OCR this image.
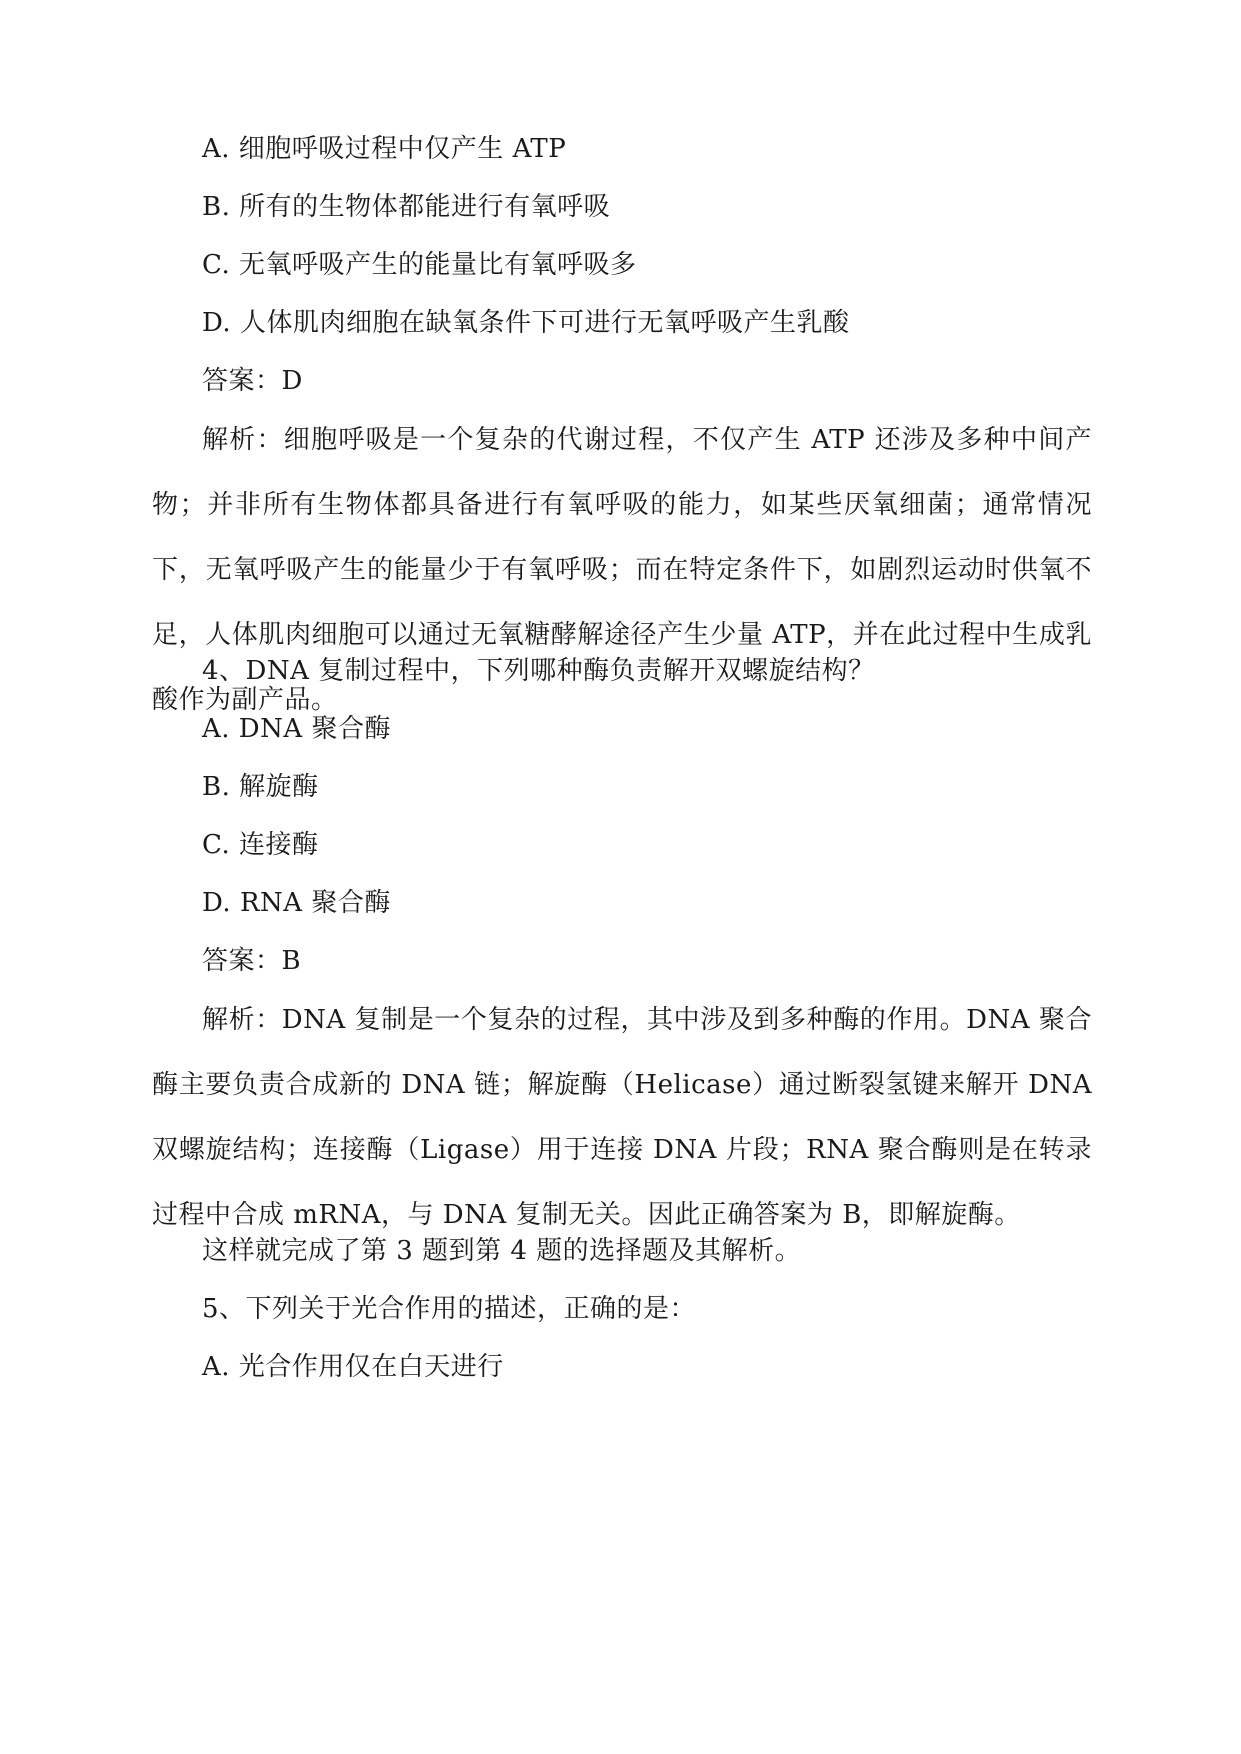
A. 细胞呼吸过程中仅产生 ATP
B. 所有的生物体都能进行有氧呼吸
C. 无氧呼吸产生的能量比有氧呼吸多
D. 人体肌肉细胞在缺氧条件下可进行无氧呼吸产生乳酸
答案：D
解析：细胞呼吸是一个复杂的代谢过程，不仅产生 ATP 还涉及多种中间产物；并非所有生物体都具备进行有氧呼吸的能力，如某些厌氧细菌；通常情况下，无氧呼吸产生的能量少于有氧呼吸；而在特定条件下，如剧烈运动时供氧不足，人体肌肉细胞可以通过无氧糖酵解途径产生少量 ATP，并在此过程中生成乳酸作为副产品。
4、DNA 复制过程中，下列哪种酶负责解开双螺旋结构？
A. DNA 聚合酶
B. 解旋酶
C. 连接酶
D. RNA 聚合酶
答案：B
解析：DNA 复制是一个复杂的过程，其中涉及到多种酶的作用。DNA 聚合酶主要负责合成新的 DNA 链；解旋酶（Helicase）通过断裂氢键来解开 DNA 双螺旋结构；连接酶（Ligase）用于连接 DNA 片段；RNA 聚合酶则是在转录过程中合成 mRNA，与 DNA 复制无关。因此正确答案为 B，即解旋酶。
这样就完成了第 3 题到第 4 题的选择题及其解析。
5、下列关于光合作用的描述，正确的是：
A. 光合作用仅在白天进行
